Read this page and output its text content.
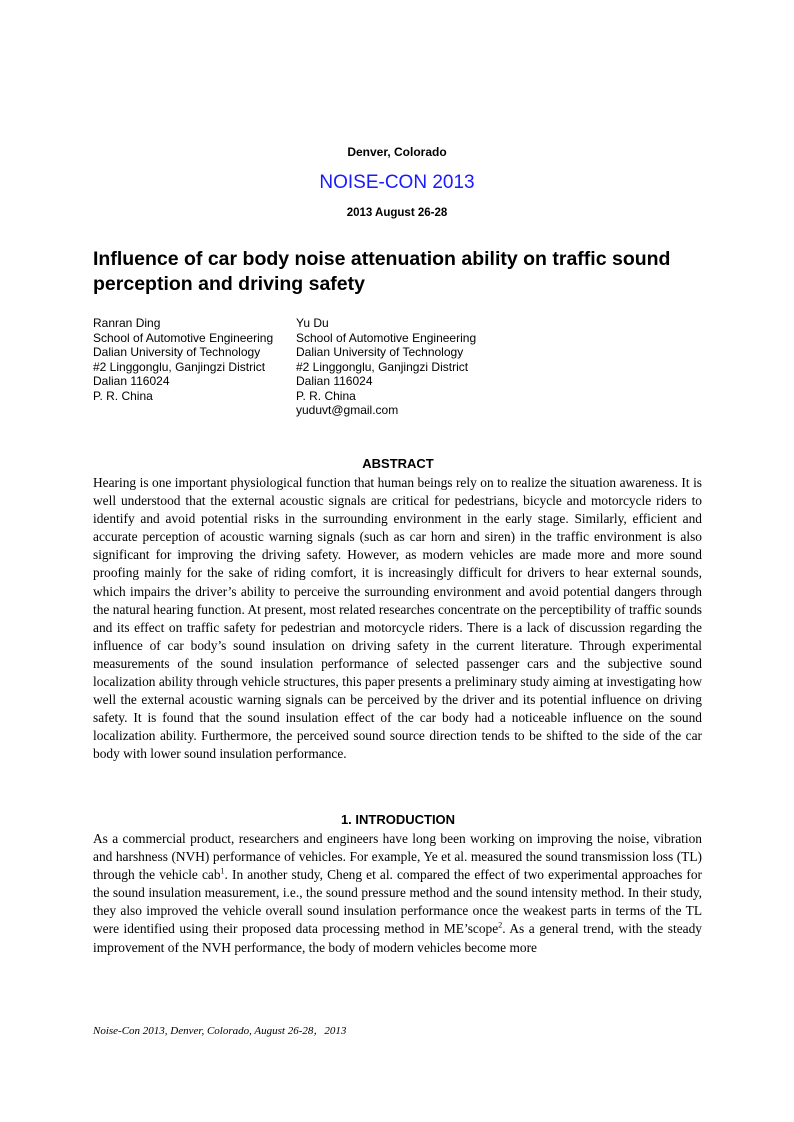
Denver, Colorado
NOISE-CON 2013
2013 August 26-28
Influence of car body noise attenuation ability on traffic sound perception and driving safety
Ranran Ding
School of Automotive Engineering
Dalian University of Technology
#2 Linggonglu, Ganjingzi District
Dalian 116024
P. R. China
Yu Du
School of Automotive Engineering
Dalian University of Technology
#2 Linggonglu, Ganjingzi District
Dalian 116024
P. R. China
yuduvt@gmail.com
ABSTRACT

Hearing is one important physiological function that human beings rely on to realize the situation awareness. It is well understood that the external acoustic signals are critical for pedestrians, bicycle and motorcycle riders to identify and avoid potential risks in the surrounding environment in the early stage. Similarly, efficient and accurate perception of acoustic warning signals (such as car horn and siren) in the traffic environment is also significant for improving the driving safety. However, as modern vehicles are made more and more sound proofing mainly for the sake of riding comfort, it is increasingly difficult for drivers to hear external sounds, which impairs the driver’s ability to perceive the surrounding environment and avoid potential dangers through the natural hearing function. At present, most related researches concentrate on the perceptibility of traffic sounds and its effect on traffic safety for pedestrian and motorcycle riders. There is a lack of discussion regarding the influence of car body’s sound insulation on driving safety in the current literature. Through experimental measurements of the sound insulation performance of selected passenger cars and the subjective sound localization ability through vehicle structures, this paper presents a preliminary study aiming at investigating how well the external acoustic warning signals can be perceived by the driver and its potential influence on driving safety. It is found that the sound insulation effect of the car body had a noticeable influence on the sound localization ability. Furthermore, the perceived sound source direction tends to be shifted to the side of the car body with lower sound insulation performance.

1. INTRODUCTION

As a commercial product, researchers and engineers have long been working on improving the noise, vibration and harshness (NVH) performance of vehicles. For example, Ye et al. measured the sound transmission loss (TL) through the vehicle cab$^1$. In another study, Cheng et al. compared the effect of two experimental approaches for the sound insulation measurement, i.e., the sound pressure method and the sound intensity method. In their study, they also improved the vehicle overall sound insulation performance once the weakest parts in terms of the TL were identified using their proposed data processing method in ME’scope$^2$. As a general trend, with the steady improvement of the NVH performance, the body of modern vehicles become more

Noise-Con 2013, Denver, Colorado, August 26-28，2013
